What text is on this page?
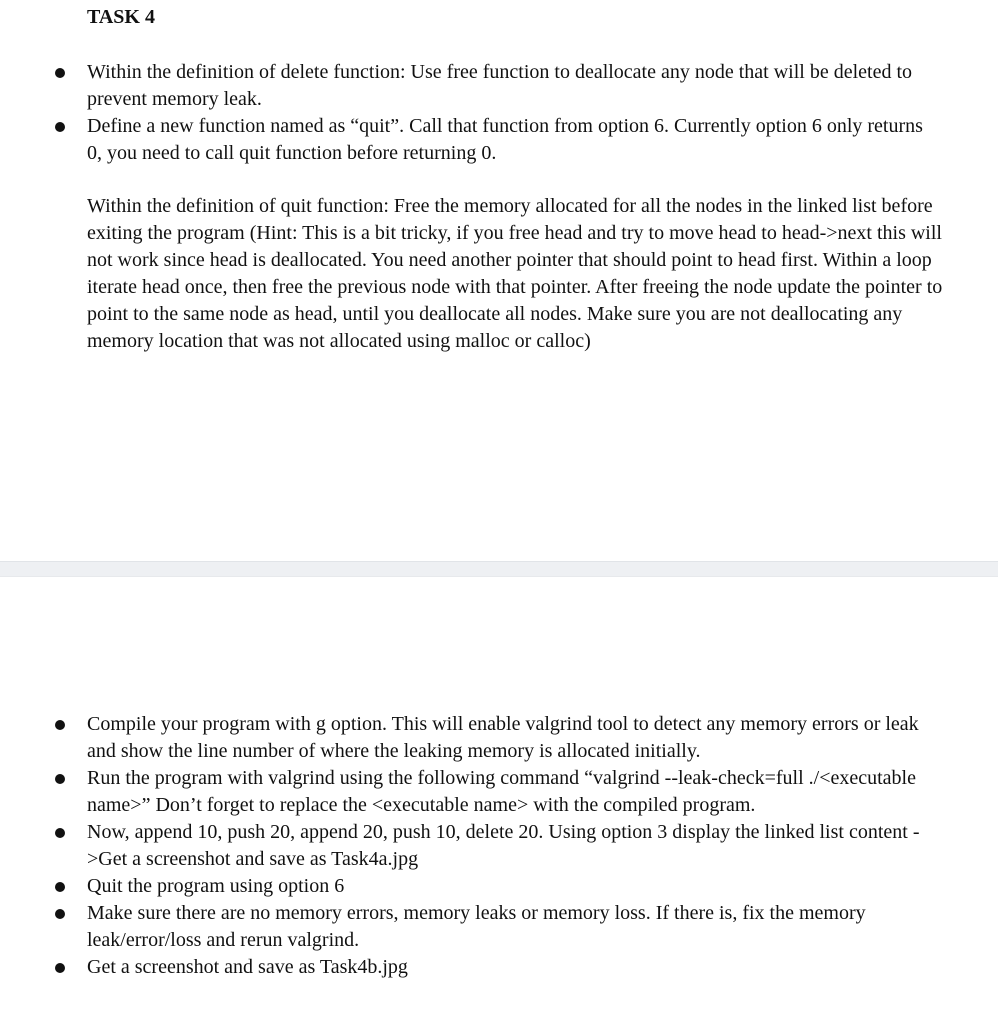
TASK 4
Within the definition of delete function: Use free function to deallocate any node that will be deleted to prevent memory leak.
Define a new function named as “quit”. Call that function from option 6. Currently option 6 only returns 0, you need to call quit function before returning 0.

Within the definition of quit function: Free the memory allocated for all the nodes in the linked list before exiting the program (Hint: This is a bit tricky, if you free head and try to move head to head->next this will not work since head is deallocated. You need another pointer that should point to head first. Within a loop iterate head once, then free the previous node with that pointer. After freeing the node update the pointer to point to the same node as head, until you deallocate all nodes. Make sure you are not deallocating any memory location that was not allocated using malloc or calloc)

Compile your program with g option. This will enable valgrind tool to detect any memory errors or leak and show the line number of where the leaking memory is allocated initially.
Run the program with valgrind using the following command “valgrind --leak-check=full ./<executable name>” Don’t forget to replace the <executable name> with the compiled program.
Now, append 10, push 20, append 20, push 10, delete 20. Using option 3 display the linked list content ->Get a screenshot and save as Task4a.jpg
Quit the program using option 6
Make sure there are no memory errors, memory leaks or memory loss. If there is, fix the memory leak/error/loss and rerun valgrind.
Get a screenshot and save as Task4b.jpg
